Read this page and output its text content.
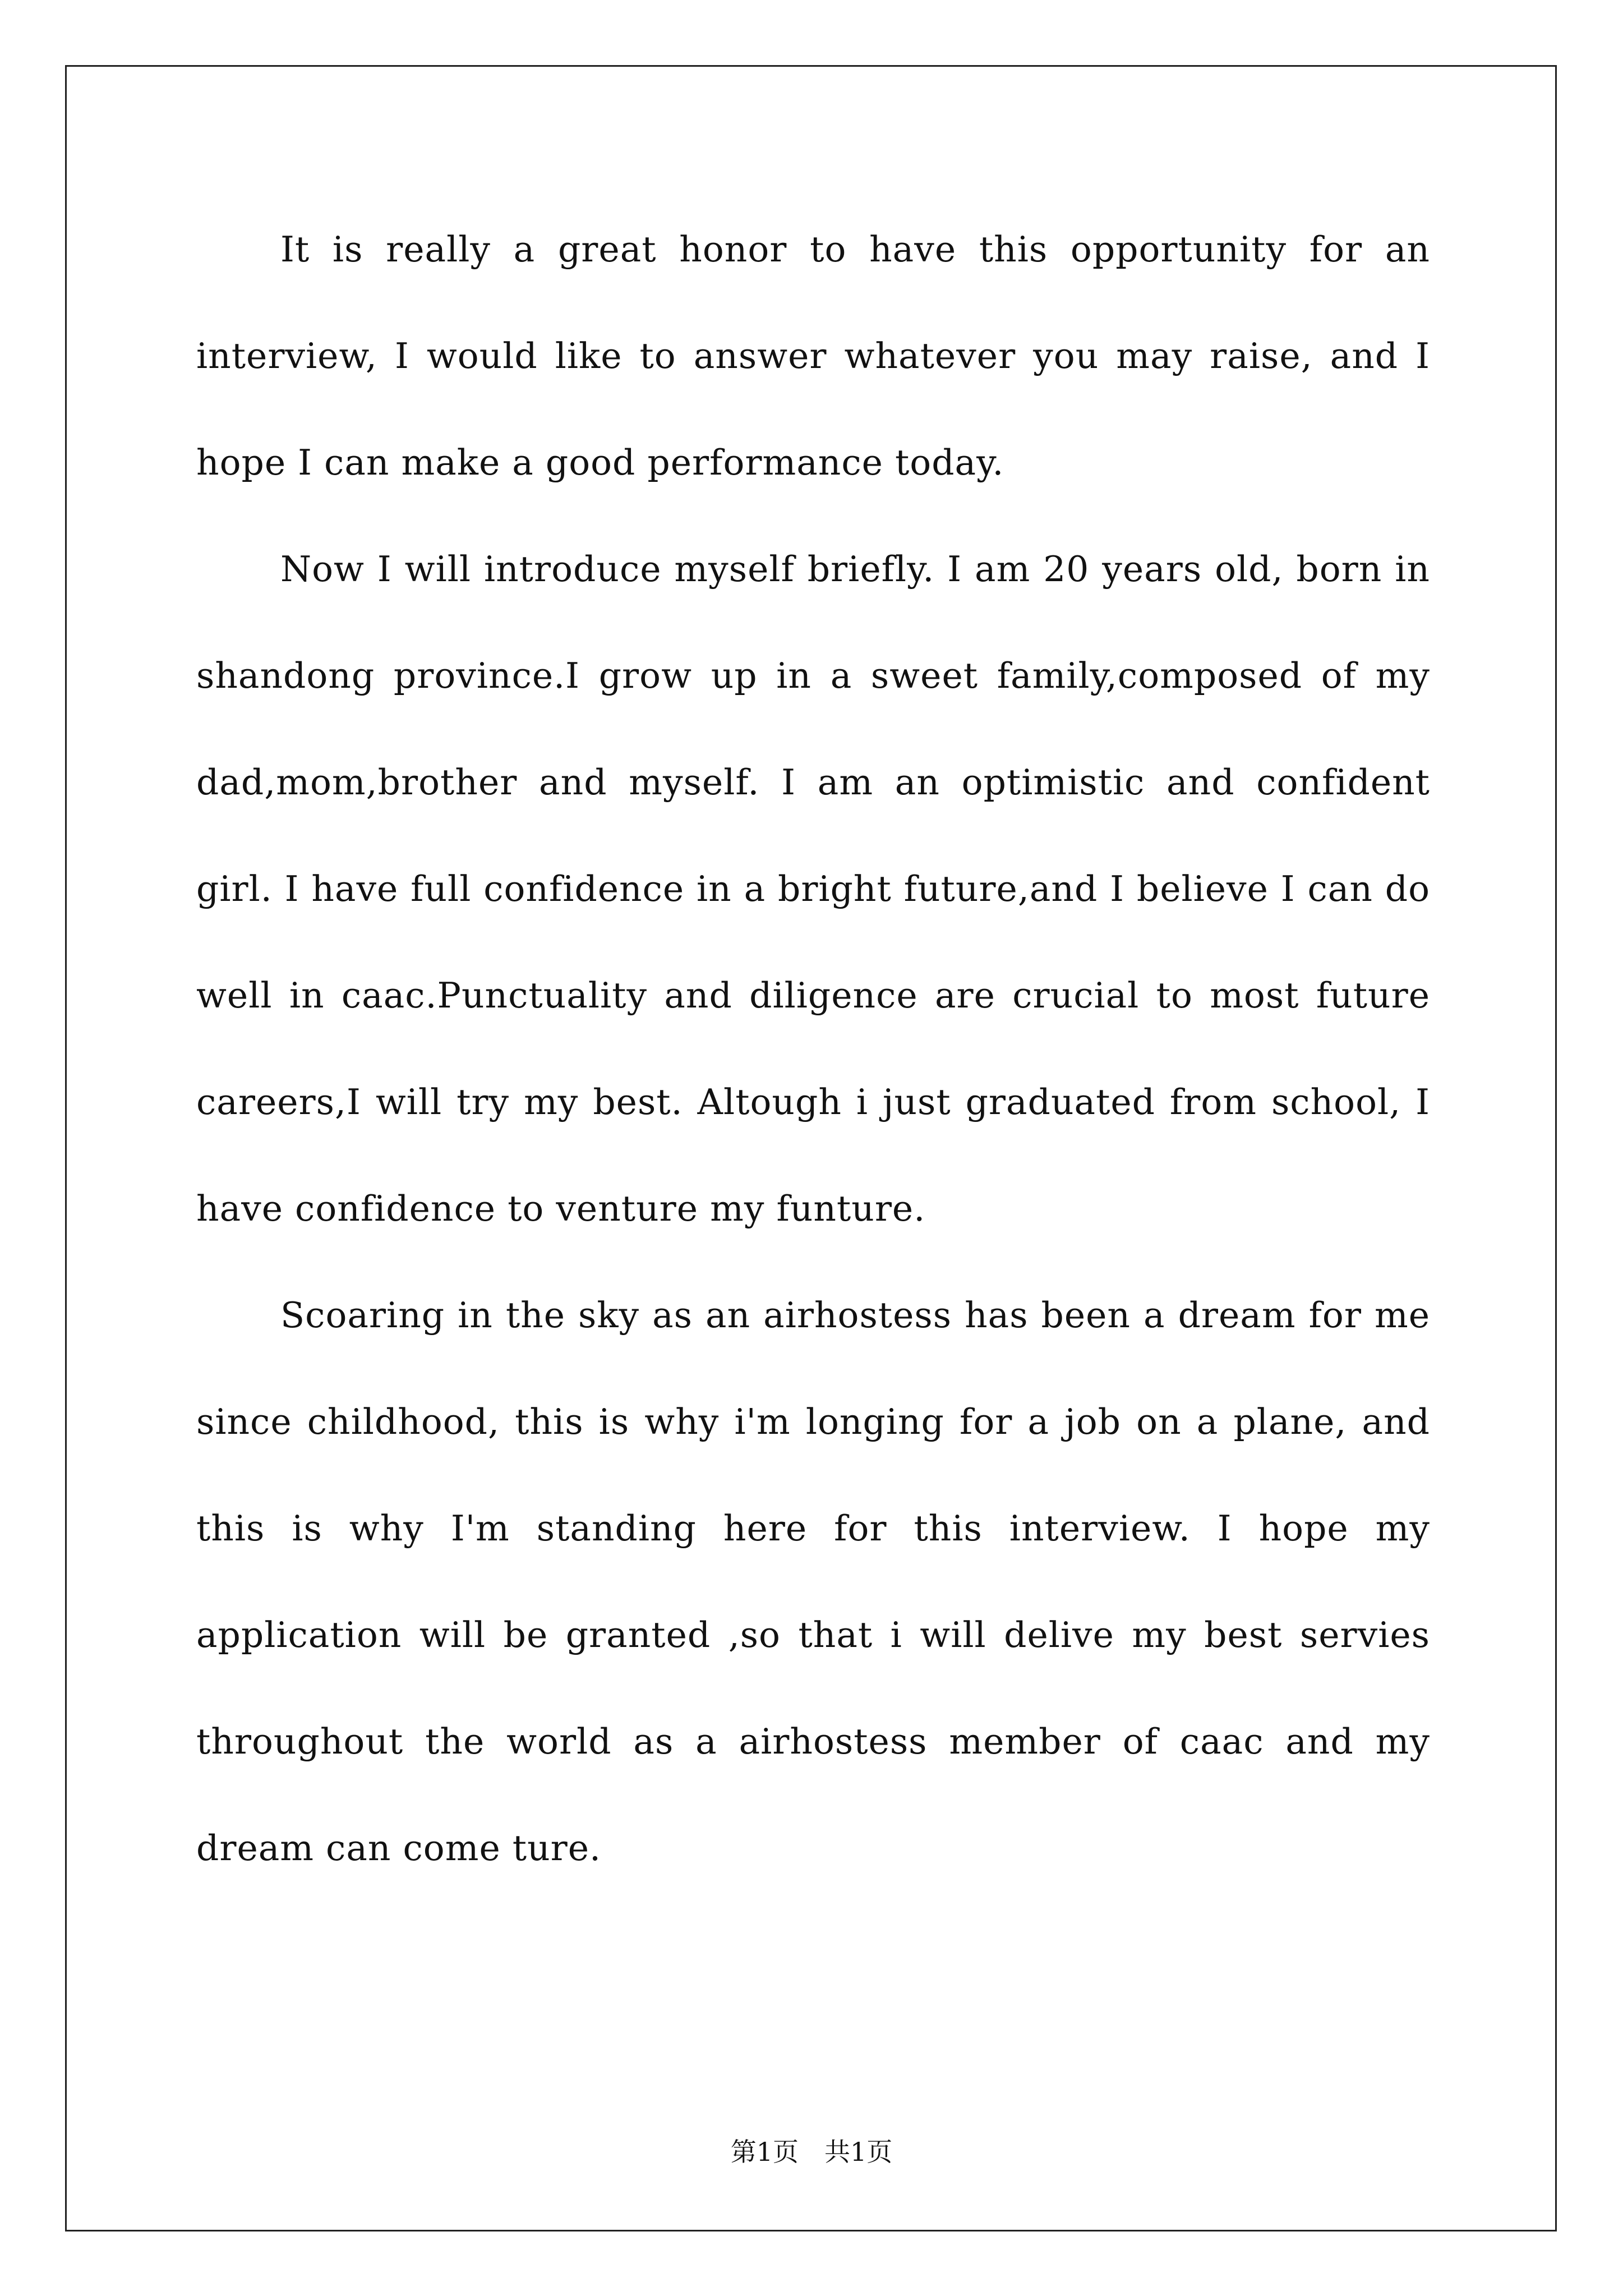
It is really a great honor to have this opportunity for an interview, I would like to answer whatever you may raise, and I hope I can make a good performance today.

Now I will introduce myself briefly. I am 20 years old, born in shandong province.I grow up in a sweet family,composed of my dad,mom,brother and myself. I am an optimistic and confident girl. I have full confidence in a bright future,and I believe I can do well in caac.Punctuality and diligence are crucial to most future careers,I will try my best. Altough i just graduated from school, I have confidence to venture my funture.

Scoaring in the sky as an airhostess has been a dream for me since childhood, this is why i'm longing for a job on a plane, and this is why I'm standing here for this interview. I hope my application will be granted ,so that i will delive my best servies throughout the world as a airhostess member of caac and my dream can come ture.

第1页 共1页
